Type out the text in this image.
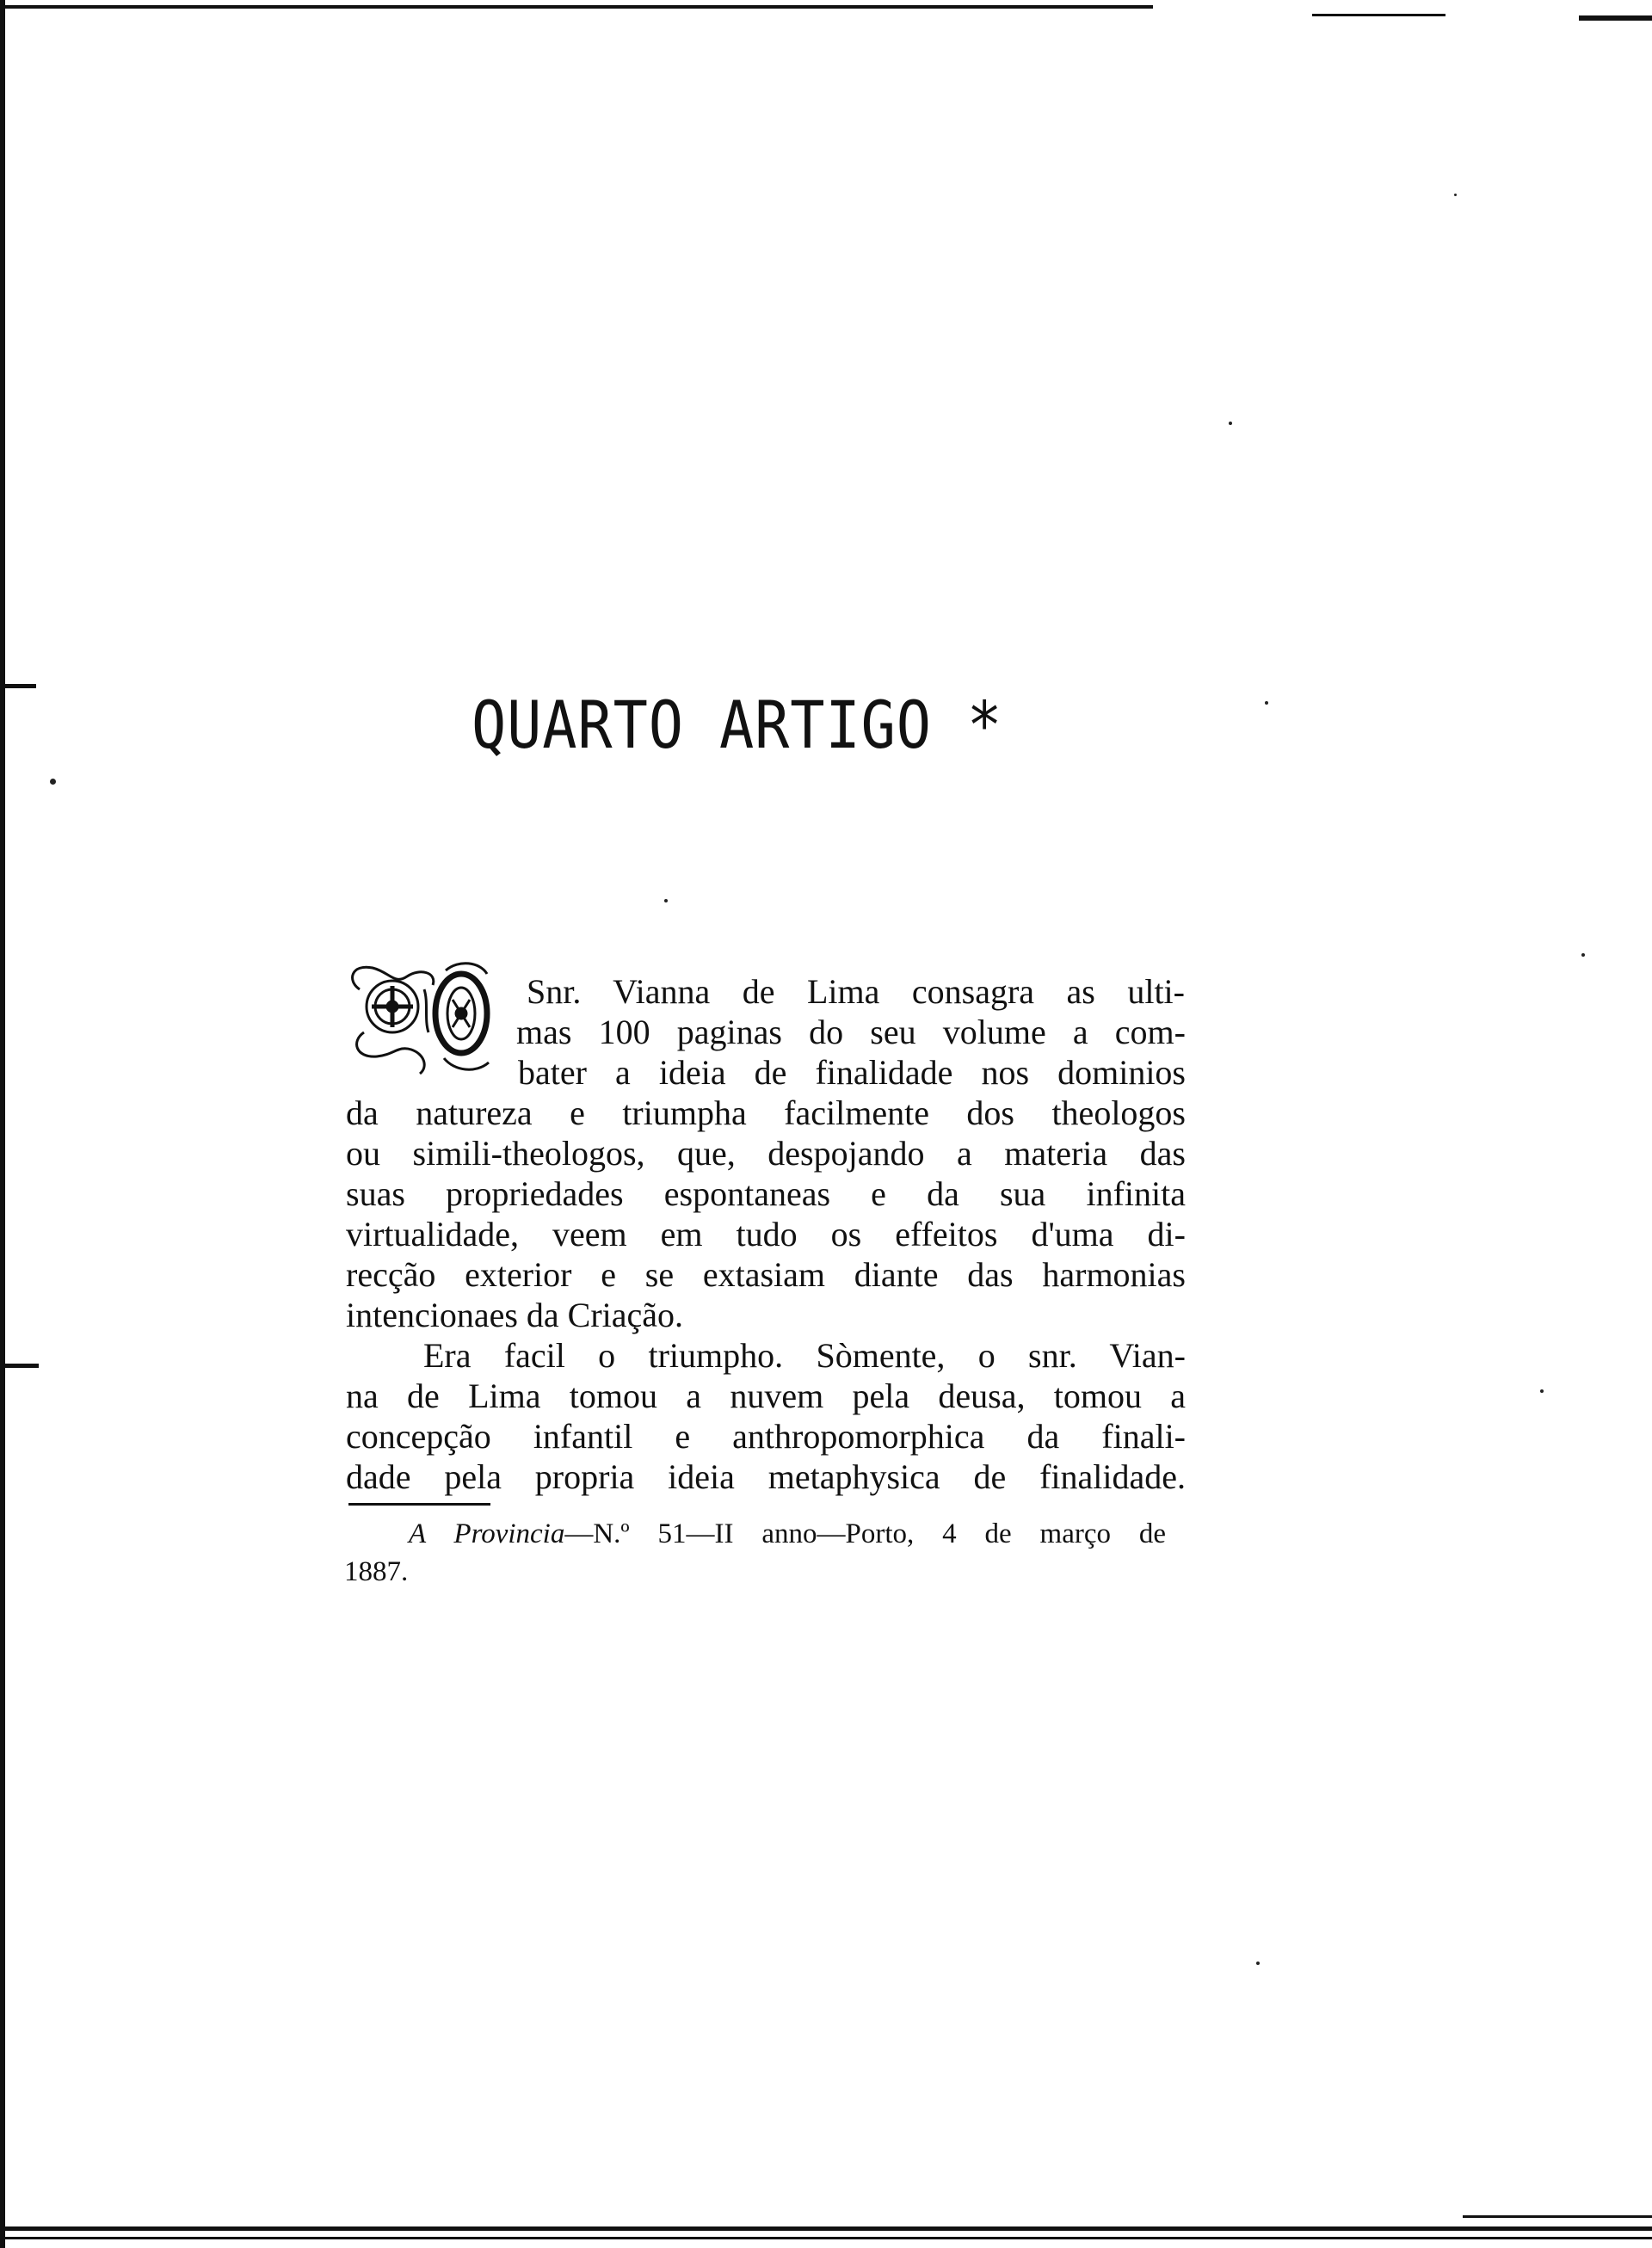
QUARTO ARTIGO *
Snr. Vianna de Lima consagra as ulti-
mas 100 paginas do seu volume a com-
bater a ideia de finalidade nos dominios
da natureza e triumpha facilmente dos theologos
ou simili-theologos, que, despojando a materia das
suas propriedades espontaneas e da sua infinita
virtualidade, veem em tudo os effeitos d'uma di-
recção exterior e se extasiam diante das harmonias
intencionaes da Criação.
Era facil o triumpho. Sòmente, o snr. Vian-
na de Lima tomou a nuvem pela deusa, tomou a
concepção infantil e anthropomorphica da finali-
dade pela propria ideia metaphysica de finalidade.
A Provincia—N.º 51—II anno—Porto, 4 de março de
1887.
